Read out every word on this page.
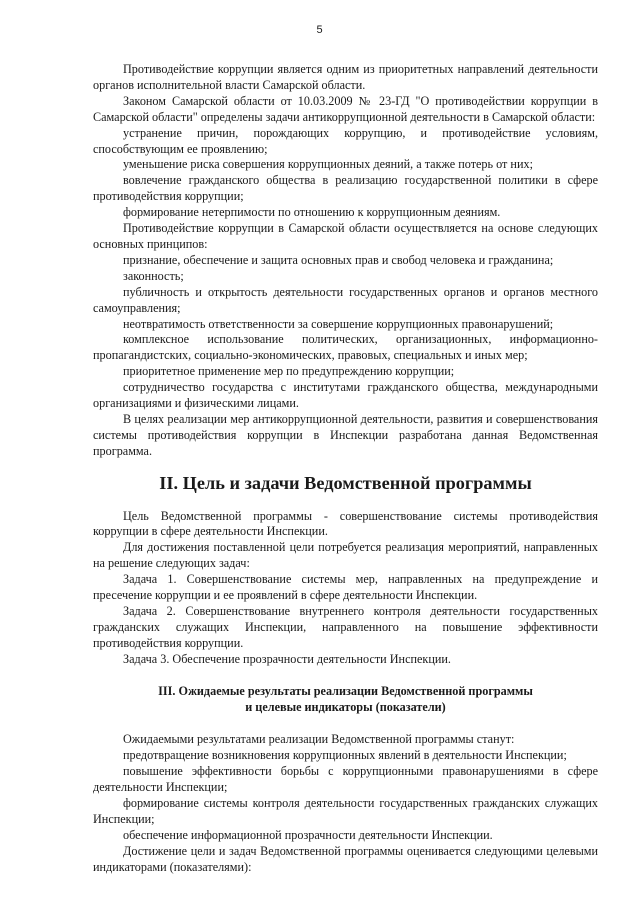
5

Противодействие коррупции является одним из приоритетных направлений деятельности органов исполнительной власти Самарской области.

Законом Самарской области от 10.03.2009 № 23-ГД "О противодействии коррупции в Самарской области" определены задачи антикоррупционной деятельности в Самарской области:

устранение причин, порождающих коррупцию, и противодействие условиям, способствующим ее проявлению;

уменьшение риска совершения коррупционных деяний, а также потерь от них;

вовлечение гражданского общества в реализацию государственной политики в сфере противодействия коррупции;

формирование нетерпимости по отношению к коррупционным деяниям.

Противодействие коррупции в Самарской области осуществляется на основе следующих основных принципов:

признание, обеспечение и защита основных прав и свобод человека и гражданина;

законность;

публичность и открытость деятельности государственных органов и органов местного самоуправления;

неотвратимость ответственности за совершение коррупционных правонарушений;

комплексное использование политических, организационных, информационно-пропагандистских, социально-экономических, правовых, специальных и иных мер;

приоритетное применение мер по предупреждению коррупции;

сотрудничество государства с институтами гражданского общества, международными организациями и физическими лицами.

В целях реализации мер антикоррупционной деятельности, развития и совершенствования системы противодействия коррупции в Инспекции разработана данная Ведомственная программа.

II. Цель и задачи Ведомственной программы

Цель Ведомственной программы - совершенствование системы противодействия коррупции в сфере деятельности Инспекции.

Для достижения поставленной цели потребуется реализация мероприятий, направленных на решение следующих задач:

Задача 1. Совершенствование системы мер, направленных на предупреждение и пресечение коррупции и ее проявлений в сфере деятельности Инспекции.

Задача 2. Совершенствование внутреннего контроля деятельности государственных гражданских служащих Инспекции, направленного на повышение эффективности противодействия коррупции.

Задача 3. Обеспечение прозрачности деятельности Инспекции.

III. Ожидаемые результаты реализации Ведомственной программы
и целевые индикаторы (показатели)

Ожидаемыми результатами реализации Ведомственной программы станут:

предотвращение возникновения коррупционных явлений в деятельности Инспекции;

повышение эффективности борьбы с коррупционными правонарушениями в сфере деятельности Инспекции;

формирование системы контроля деятельности государственных гражданских служащих Инспекции;

обеспечение информационной прозрачности деятельности Инспекции.

Достижение цели и задач Ведомственной программы оценивается следующими целевыми индикаторами (показателями):
